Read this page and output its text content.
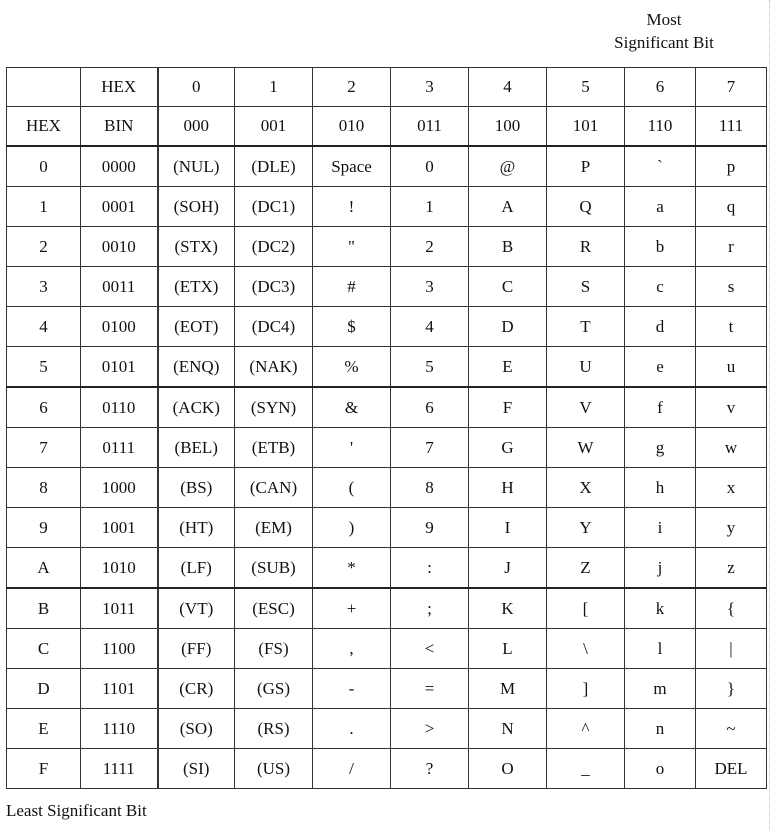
Most
Significant Bit
	HEX	0	1	2	3	4	5	6	7
HEX	BIN	000	001	010	011	100	101	110	111
0	0000	(NUL)	(DLE)	Space	0	@	P	`	p
1	0001	(SOH)	(DC1)	!	1	A	Q	a	q
2	0010	(STX)	(DC2)	"	2	B	R	b	r
3	0011	(ETX)	(DC3)	#	3	C	S	c	s
4	0100	(EOT)	(DC4)	$	4	D	T	d	t
5	0101	(ENQ)	(NAK)	%	5	E	U	e	u
6	0110	(ACK)	(SYN)	&	6	F	V	f	v
7	0111	(BEL)	(ETB)	'	7	G	W	g	w
8	1000	(BS)	(CAN)	(	8	H	X	h	x
9	1001	(HT)	(EM)	)	9	I	Y	i	y
A	1010	(LF)	(SUB)	*	:	J	Z	j	z
B	1011	(VT)	(ESC)	+	;	K	[	k	{
C	1100	(FF)	(FS)	,	<	L	\	l	|
D	1101	(CR)	(GS)	-	=	M	]	m	}
E	1110	(SO)	(RS)	.	>	N	^	n	~
F	1111	(SI)	(US)	/	?	O	_	o	DEL
Least Significant Bit
